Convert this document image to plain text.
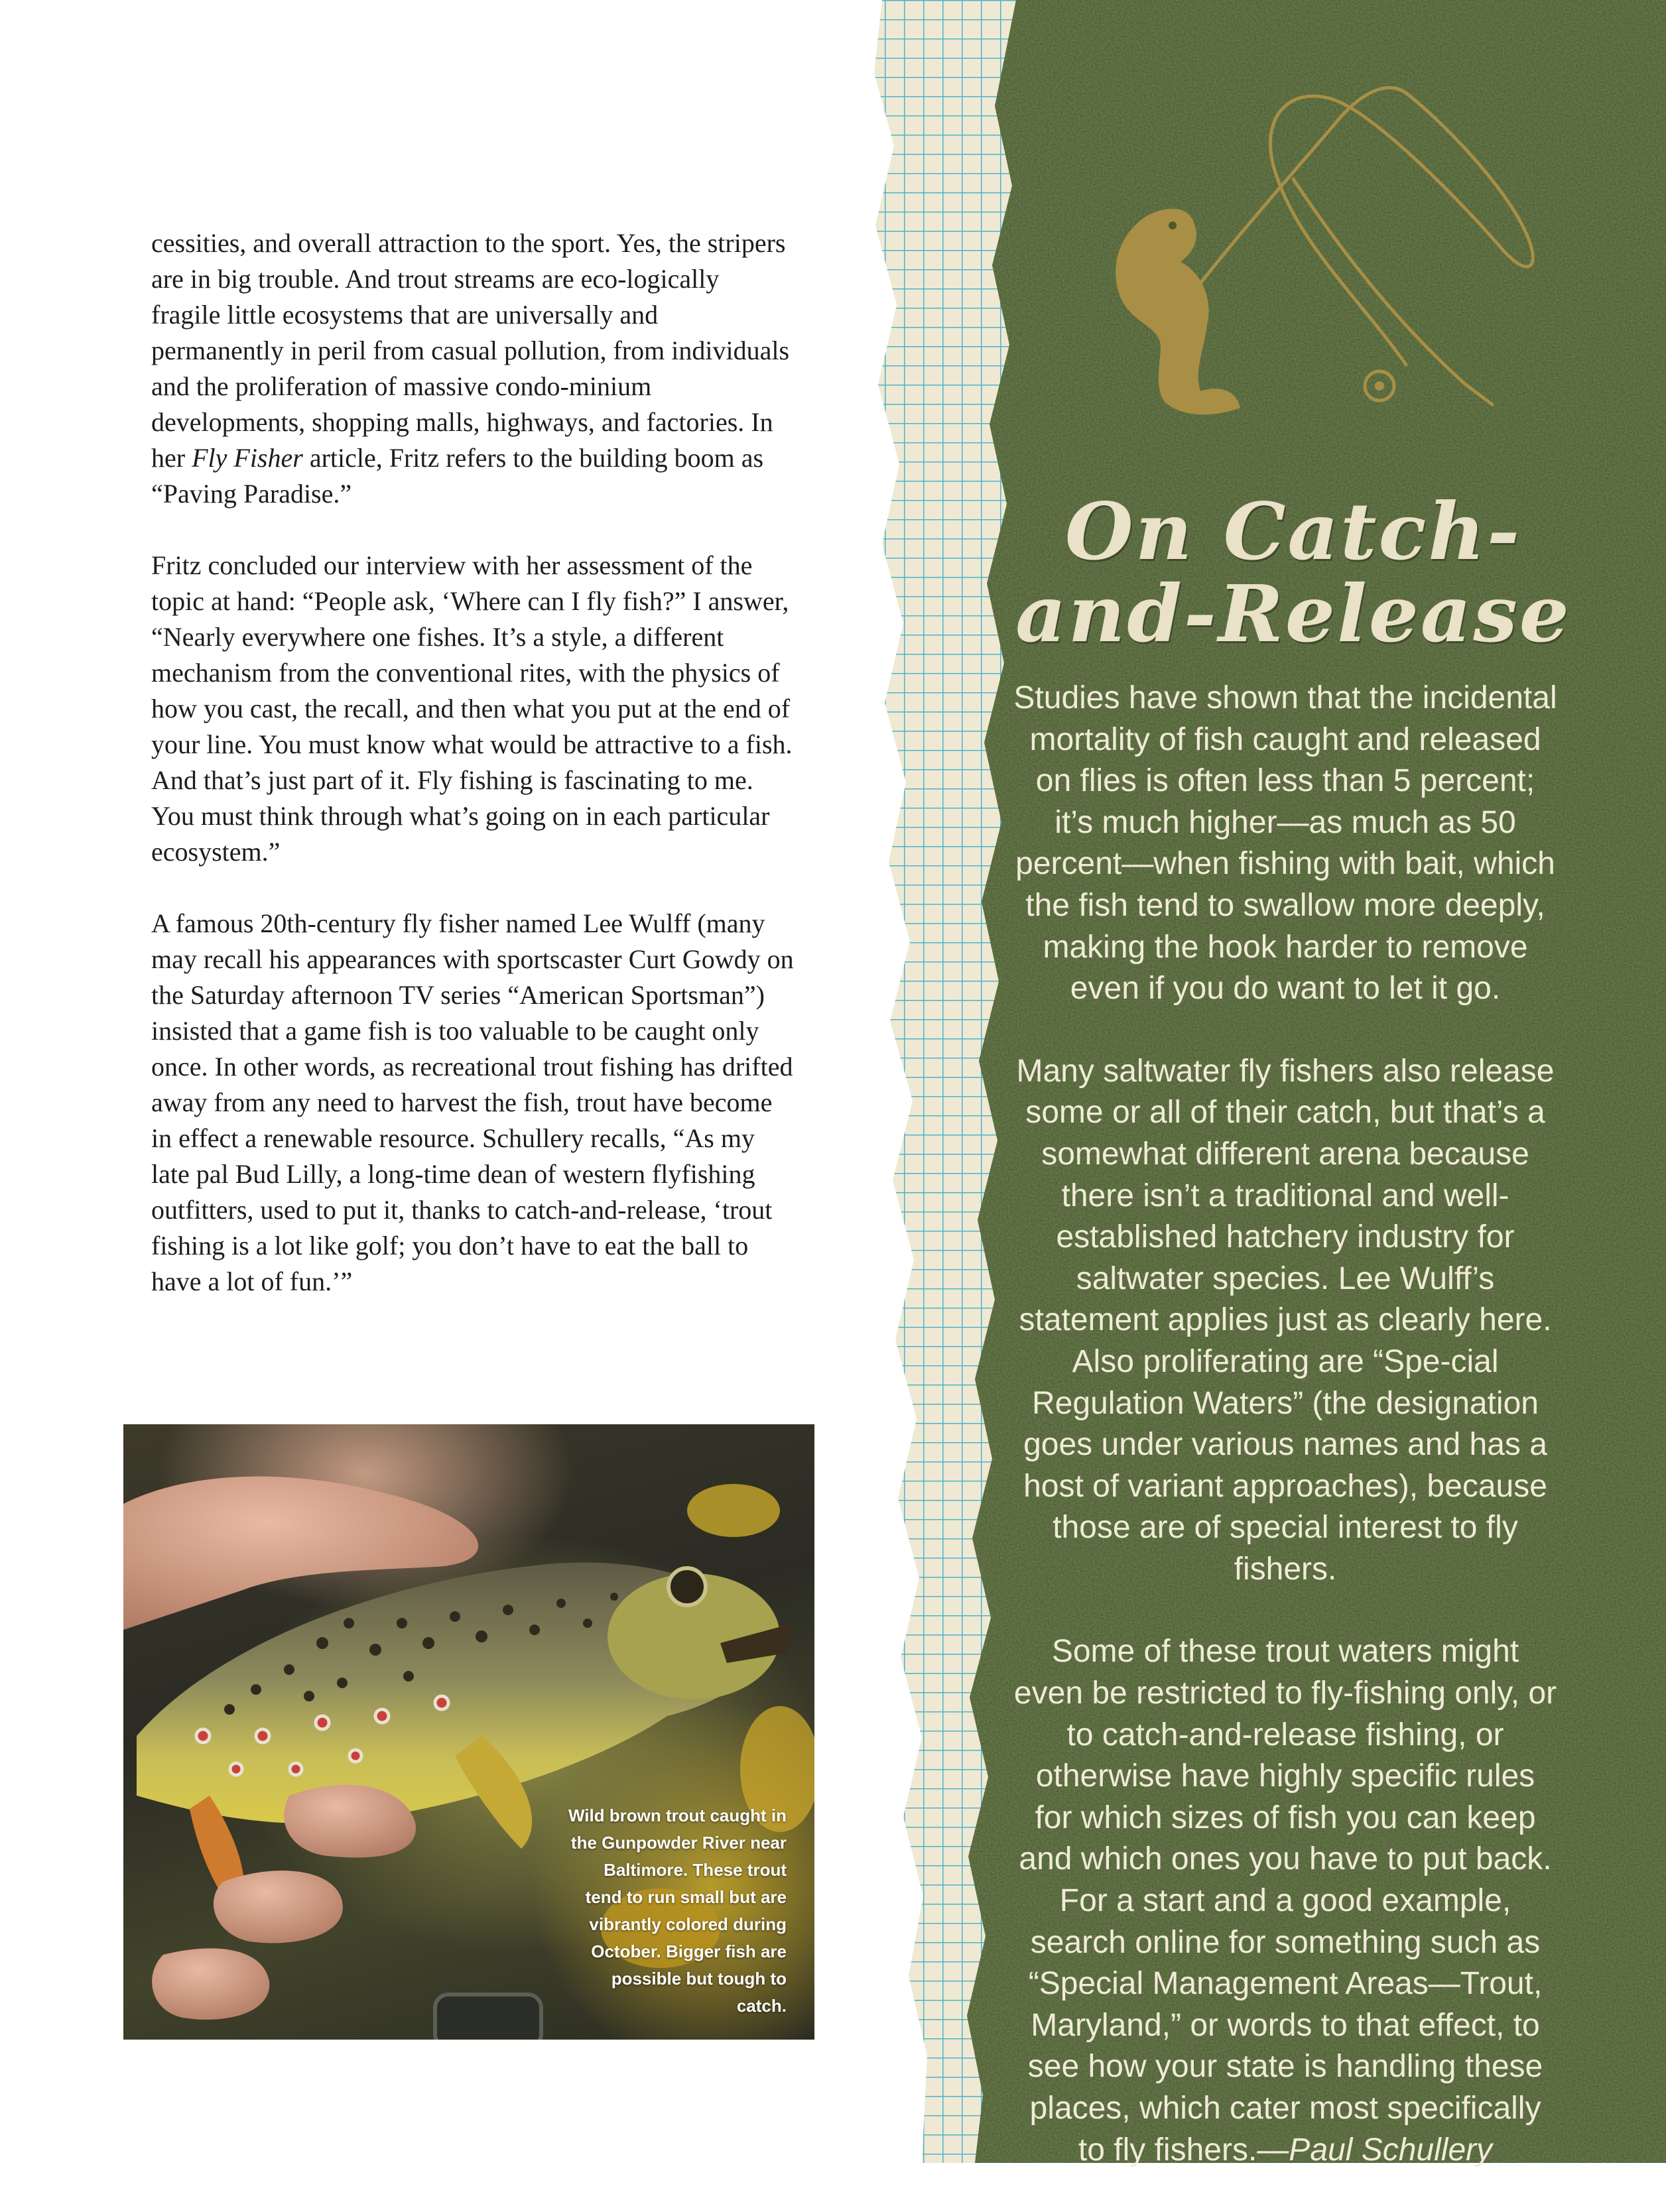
cessities, and overall attraction to the sport. Yes, the stripers are in big trouble. And trout streams are eco-logically fragile little ecosystems that are universally and permanently in peril from casual pollution, from individuals and the proliferation of massive condo-minium developments, shopping malls, highways, and factories. In her Fly Fisher article, Fritz refers to the building boom as “Paving Paradise.”

Fritz concluded our interview with her assessment of the topic at hand: “People ask, ‘Where can I fly fish?” I answer, “Nearly everywhere one fishes. It’s a style, a different mechanism from the conventional rites, with the physics of how you cast, the recall, and then what you put at the end of your line. You must know what would be attractive to a fish. And that’s just part of it. Fly fishing is fascinating to me. You must think through what’s going on in each particular ecosystem.”

A famous 20th-century fly fisher named Lee Wulff (many may recall his appearances with sportscaster Curt Gowdy on the Saturday afternoon TV series “American Sportsman”) insisted that a game fish is too valuable to be caught only once. In other words, as recreational trout fishing has drifted away from any need to harvest the fish, trout have become in effect a renewable resource. Schullery recalls, “As my late pal Bud Lilly, a long-time dean of western flyfishing outfitters, used to put it, thanks to catch-and-release, ‘trout fishing is a lot like golf; you don’t have to eat the ball to have a lot of fun.’”

Wild brown trout caught in the Gunpowder River near Baltimore. These trout tend to run small but are vibrantly colored during October. Bigger fish are possible but tough to catch.
On Catch-
and-Release

Studies have shown that the incidental mortality of fish caught and released on flies is often less than 5 percent; it’s much higher—as much as 50 percent—when fishing with bait, which the fish tend to swallow more deeply, making the hook harder to remove even if you do want to let it go.

Many saltwater fly fishers also release some or all of their catch, but that’s a somewhat different arena because there isn’t a traditional and well-established hatchery industry for saltwater species. Lee Wulff’s statement applies just as clearly here. Also proliferating are “Spe-cial Regulation Waters” (the designation goes under various names and has a host of variant approaches), because those are of special interest to fly fishers.

Some of these trout waters might even be restricted to fly-fishing only, or to catch-and-release fishing, or otherwise have highly specific rules for which sizes of fish you can keep and which ones you have to put back. For a start and a good example, search online for something such as “Special Management Areas—Trout, Maryland,” or words to that effect, to see how your state is handling these places, which cater most specifically to fly fishers.—Paul Schullery
